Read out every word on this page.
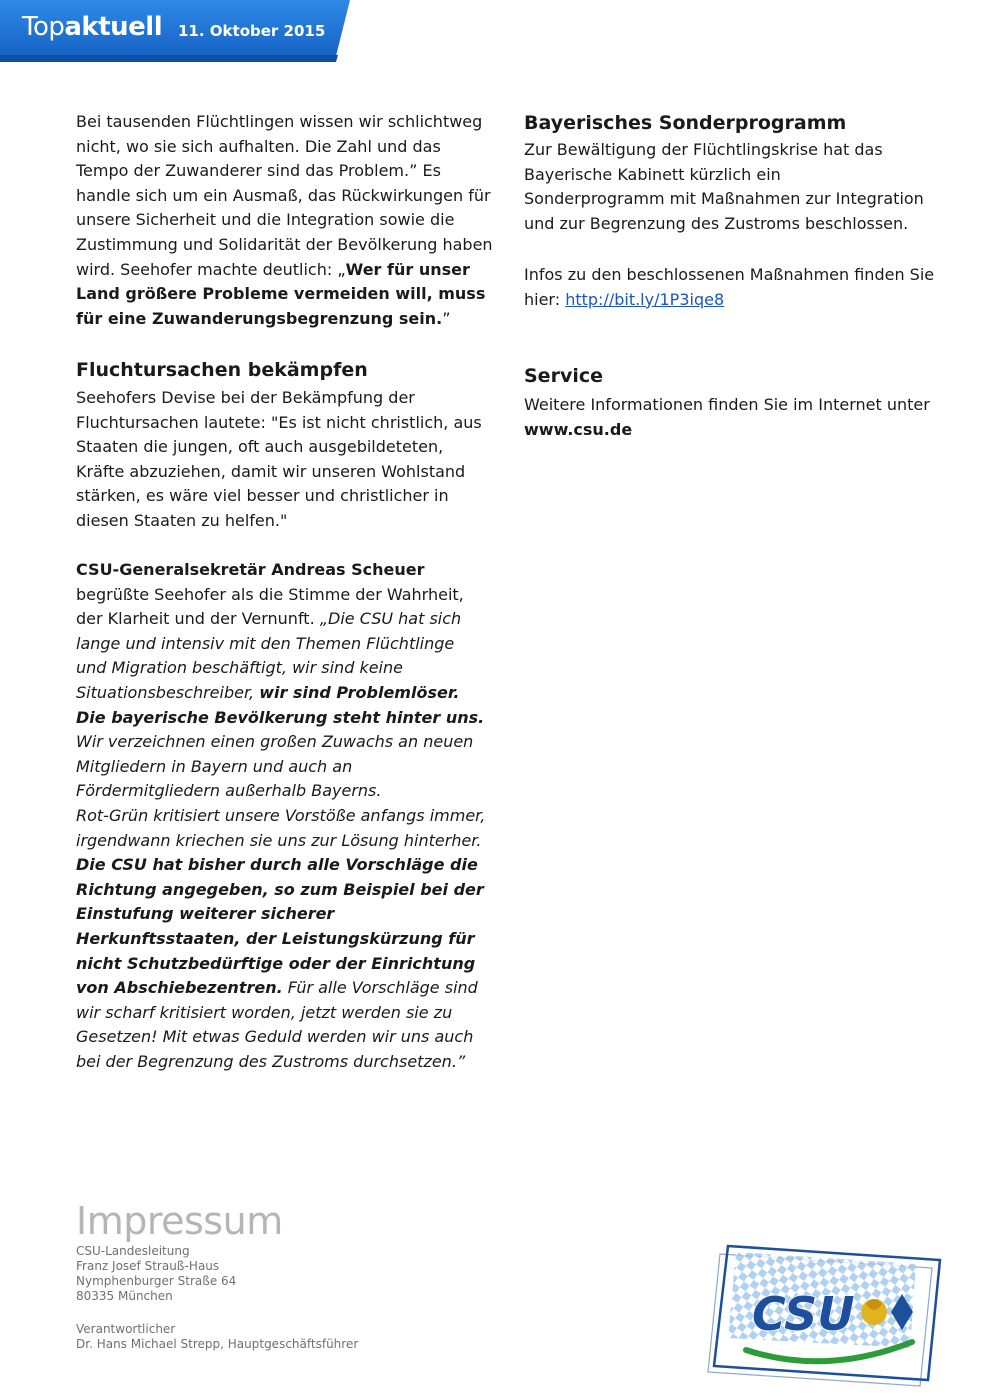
Topaktuell 11. Oktober 2015

Bei tausenden Flüchtlingen wissen wir schlichtweg nicht, wo sie sich aufhalten. Die Zahl und das Tempo der Zuwanderer sind das Problem.” Es handle sich um ein Ausmaß, das Rückwirkungen für unsere Sicherheit und die Integration sowie die Zustimmung und Solidarität der Bevölkerung haben wird. Seehofer machte deutlich: „Wer für unser Land größere Probleme vermeiden will, muss für eine Zuwanderungsbegrenzung sein.”

Fluchtursachen bekämpfen

Seehofers Devise bei der Bekämpfung der Fluchtursachen lautete: "Es ist nicht christlich, aus Staaten die jungen, oft auch ausgebildeteten, Kräfte abzuziehen, damit wir unseren Wohlstand stärken, es wäre viel besser und christlicher in diesen Staaten zu helfen."

CSU-Generalsekretär Andreas Scheuer begrüßte Seehofer als die Stimme der Wahrheit, der Klarheit und der Vernunft. „Die CSU hat sich lange und intensiv mit den Themen Flüchtlinge und Migration beschäftigt, wir sind keine Situationsbeschreiber, wir sind Problemlöser. Die bayerische Bevölkerung steht hinter uns. Wir verzeichnen einen großen Zuwachs an neuen Mitgliedern in Bayern und auch an Fördermitgliedern außerhalb Bayerns.

Rot-Grün kritisiert unsere Vorstöße anfangs immer, irgendwann kriechen sie uns zur Lösung hinterher. Die CSU hat bisher durch alle Vorschläge die Richtung angegeben, so zum Beispiel bei der Einstufung weiterer sicherer Herkunftsstaaten, der Leistungskürzung für nicht Schutzbedürftige oder der Einrichtung von Abschiebezentren. Für alle Vorschläge sind wir scharf kritisiert worden, jetzt werden sie zu Gesetzen! Mit etwas Geduld werden wir uns auch bei der Begrenzung des Zustroms durchsetzen.”

Bayerisches Sonderprogramm

Zur Bewältigung der Flüchtlingskrise hat das Bayerische Kabinett kürzlich ein Sonderprogramm mit Maßnahmen zur Integration und zur Begrenzung des Zustroms beschlossen.

Infos zu den beschlossenen Maßnahmen finden Sie hier: http://bit.ly/1P3iqe8

Service

Weitere Informationen finden Sie im Internet unter www.csu.de

Impressum
CSU-Landesleitung
Franz Josef Strauß-Haus
Nymphenburger Straße 64
80335 München
Verantwortlicher
Dr. Hans Michael Strepp, Hauptgeschäftsführer
CSU
